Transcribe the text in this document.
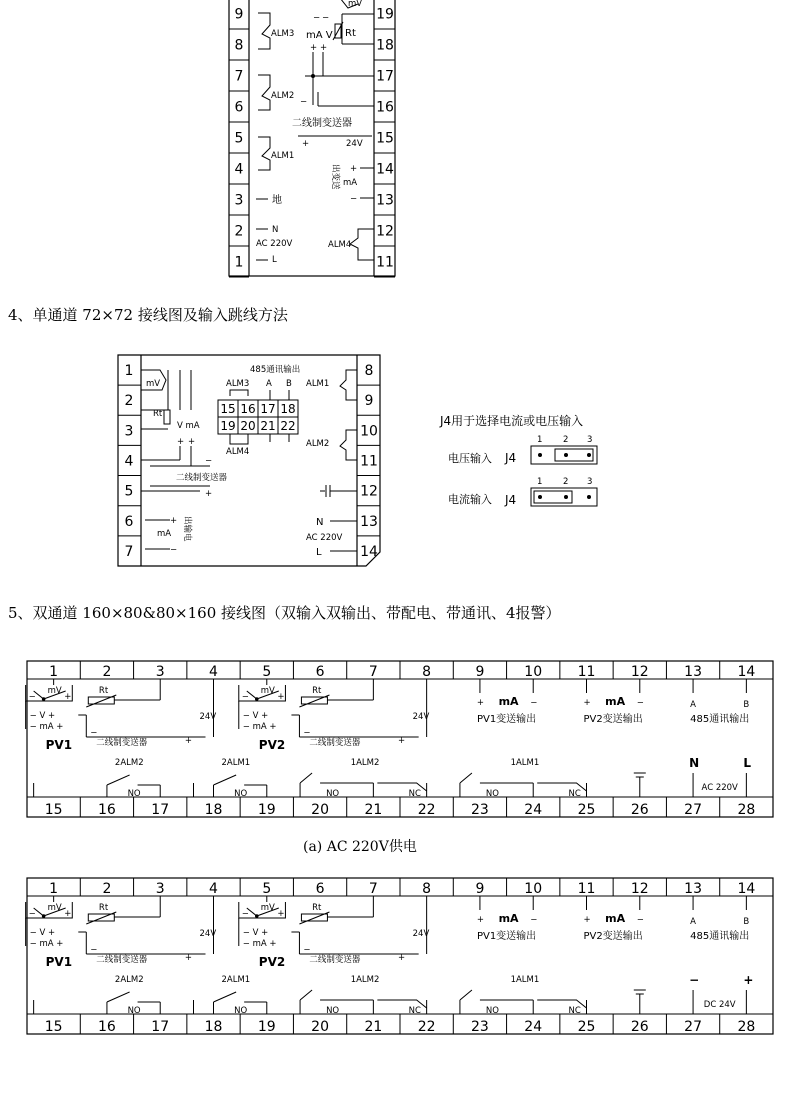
9
8
7
6
5
4
3
2
1
19
18
17
16
15
14
13
12
11
ALM3
ALM2
ALM1
地
N
AC 220V
L
mV
Rt
− −
mA V
+ +
−
二线制变送器
+	24V
+
mA
出变送
−
ALM4
4、单通道 72×72 接线图及输入跳线方法
1
2
3
4
5
6
7
8
9
10
11
12
13
14
mV
Rt
V mA
+ +
−
二线制变送器
+
+
mA
−
出输电
485通讯输出
ALM3 A B
15 16 17 18
19 20 21 22
ALM4
ALM1
ALM2
N
AC 220V
L
J4用于选择电流或电压输入
电压输入
电流输入
J4
1 2 3
J4
1 2 3
5、双通道 160×80&80×160 接线图（双输入双输出、带配电、带通讯、4报警）
1	2	3	4	5	6	7	8	9	10	11	12	13	14
15	16	17	18	19	20	21	22	23	24	25	26	27	28
mV
−	+
Rt
− V +
− mA +
−
二线制变送器	+
24V
PV1
mV
−	+
Rt
− V +
− mA +
−
二线制变送器	+
24V
PV2
+ mA −
PV1变送输出
+ mA −
PV2变送输出
A	B
485通讯输出
2ALM2
NO
2ALM1
NO
1ALM2
NO	NC
1ALM1
NO	NC
N	L
AC 220V
(a) AC 220V供电
1	2	3	4	5	6	7	8	9	10	11	12	13	14
15	16	17	18	19	20	21	22	23	24	25	26	27	28
mV
−	+
Rt
− V +
− mA +
−
二线制变送器	+
24V
PV1
mV
−	+
Rt
− V +
− mA +
−
二线制变送器	+
24V
PV2
+ mA −
PV1变送输出
+ mA −
PV2变送输出
A	B
485通讯输出
2ALM2
NO
2ALM1
NO
1ALM2
NO	NC
1ALM1
NO	NC
−	+
DC 24V
